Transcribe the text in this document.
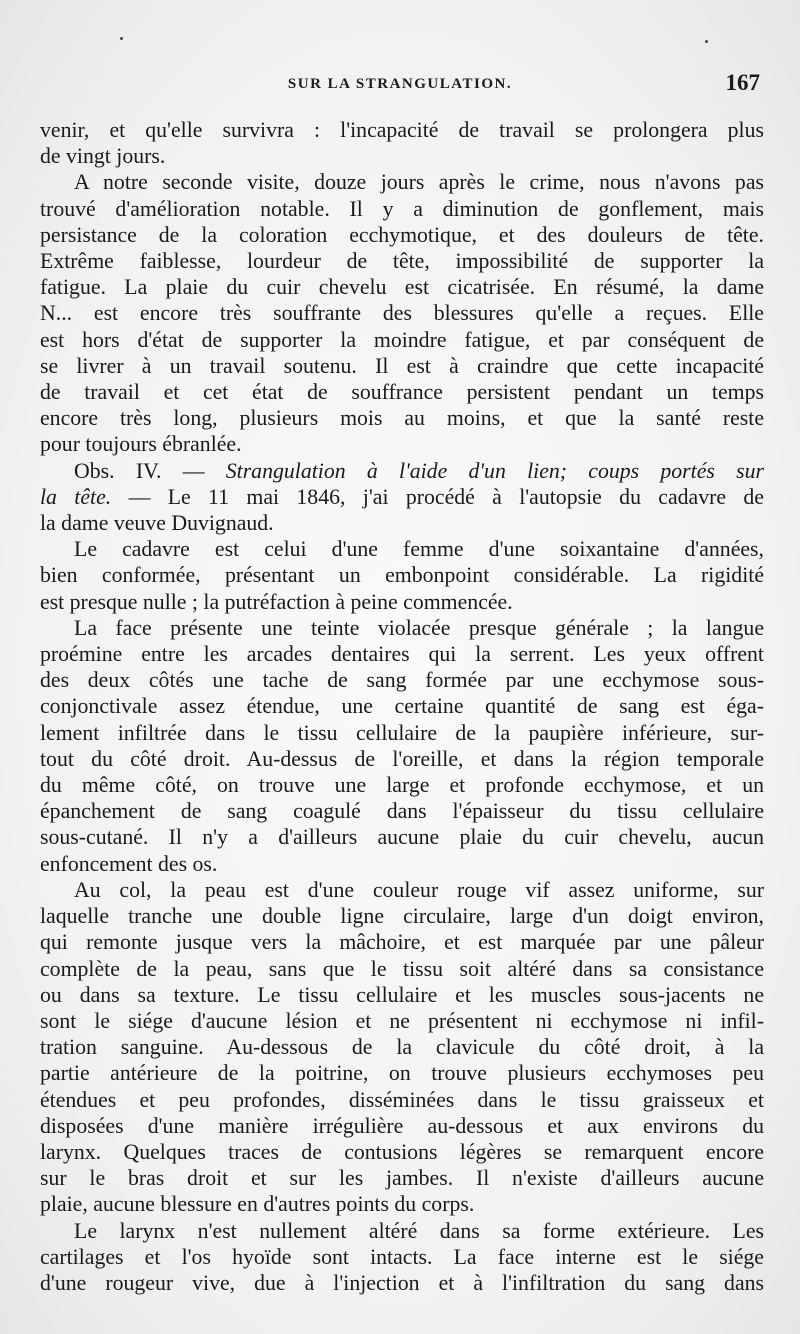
SUR LA STRANGULATION.	167

venir, et qu'elle survivra : l'incapacité de travail se prolongera plus

de vingt jours.

A notre seconde visite, douze jours après le crime, nous n'avons pas

trouvé d'amélioration notable. Il y a diminution de gonflement, mais

persistance de la coloration ecchymotique, et des douleurs de tête.

Extrême faiblesse, lourdeur de tête, impossibilité de supporter la

fatigue. La plaie du cuir chevelu est cicatrisée. En résumé, la dame

N... est encore très souffrante des blessures qu'elle a reçues. Elle

est hors d'état de supporter la moindre fatigue, et par conséquent de

se livrer à un travail soutenu. Il est à craindre que cette incapacité

de travail et cet état de souffrance persistent pendant un temps

encore très long, plusieurs mois au moins, et que la santé reste

pour toujours ébranlée.

Obs. IV. — Strangulation à l'aide d'un lien; coups portés sur

la tête. — Le 11 mai 1846, j'ai procédé à l'autopsie du cadavre de

la dame veuve Duvignaud.

Le cadavre est celui d'une femme d'une soixantaine d'années,

bien conformée, présentant un embonpoint considérable. La rigidité

est presque nulle ; la putréfaction à peine commencée.

La face présente une teinte violacée presque générale ; la langue

proémine entre les arcades dentaires qui la serrent. Les yeux offrent

des deux côtés une tache de sang formée par une ecchymose sous-

conjonctivale assez étendue, une certaine quantité de sang est éga-

lement infiltrée dans le tissu cellulaire de la paupière inférieure, sur-

tout du côté droit. Au-dessus de l'oreille, et dans la région temporale

du même côté, on trouve une large et profonde ecchymose, et un

épanchement de sang coagulé dans l'épaisseur du tissu cellulaire

sous-cutané. Il n'y a d'ailleurs aucune plaie du cuir chevelu, aucun

enfoncement des os.

Au col, la peau est d'une couleur rouge vif assez uniforme, sur

laquelle tranche une double ligne circulaire, large d'un doigt environ,

qui remonte jusque vers la mâchoire, et est marquée par une pâleur

complète de la peau, sans que le tissu soit altéré dans sa consistance

ou dans sa texture. Le tissu cellulaire et les muscles sous-jacents ne

sont le siége d'aucune lésion et ne présentent ni ecchymose ni infil-

tration sanguine. Au-dessous de la clavicule du côté droit, à la

partie antérieure de la poitrine, on trouve plusieurs ecchymoses peu

étendues et peu profondes, disséminées dans le tissu graisseux et

disposées d'une manière irrégulière au-dessous et aux environs du

larynx. Quelques traces de contusions légères se remarquent encore

sur le bras droit et sur les jambes. Il n'existe d'ailleurs aucune

plaie, aucune blessure en d'autres points du corps.

Le larynx n'est nullement altéré dans sa forme extérieure. Les

cartilages et l'os hyoïde sont intacts. La face interne est le siége

d'une rougeur vive, due à l'injection et à l'infiltration du sang dans
